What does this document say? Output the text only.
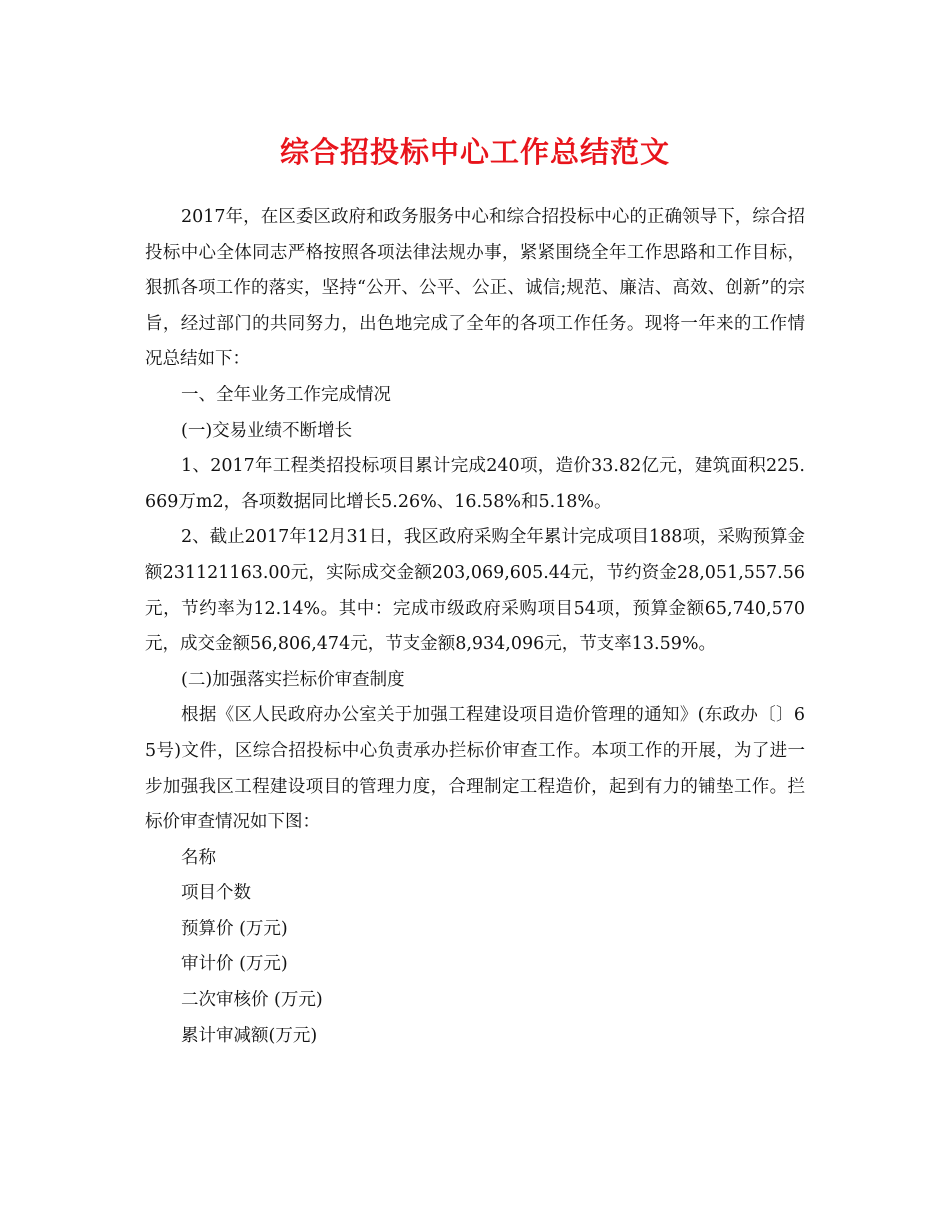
综合招投标中心工作总结范文

2017年，在区委区政府和政务服务中心和综合招投标中心的正确领导下，综合招投标中心全体同志严格按照各项法律法规办事，紧紧围绕全年工作思路和工作目标，狠抓各项工作的落实，坚持“公开、公平、公正、诚信;规范、廉洁、高效、创新”的宗旨，经过部门的共同努力，出色地完成了全年的各项工作任务。现将一年来的工作情况总结如下：

一、全年业务工作完成情况

(一)交易业绩不断增长

1、2017年工程类招投标项目累计完成240项，造价33.82亿元，建筑面积225.669万m2，各项数据同比增长5.26%、16.58%和5.18%。

2、截止2017年12月31日，我区政府采购全年累计完成项目188项，采购预算金额231121163.00元，实际成交金额203,069,605.44元，节约资金28,051,557.56元，节约率为12.14%。其中：完成市级政府采购项目54项，预算金额65,740,570元，成交金额56,806,474元，节支金额8,934,096元，节支率13.59%。

(二)加强落实拦标价审查制度

根据《区人民政府办公室关于加强工程建设项目造价管理的通知》(东政办〔〕65号)文件，区综合招投标中心负责承办拦标价审查工作。本项工作的开展，为了进一步加强我区工程建设项目的管理力度，合理制定工程造价，起到有力的铺垫工作。拦标价审查情况如下图：

名称

项目个数

预算价 (万元)

审计价 (万元)

二次审核价 (万元)

累计审减额(万元)
